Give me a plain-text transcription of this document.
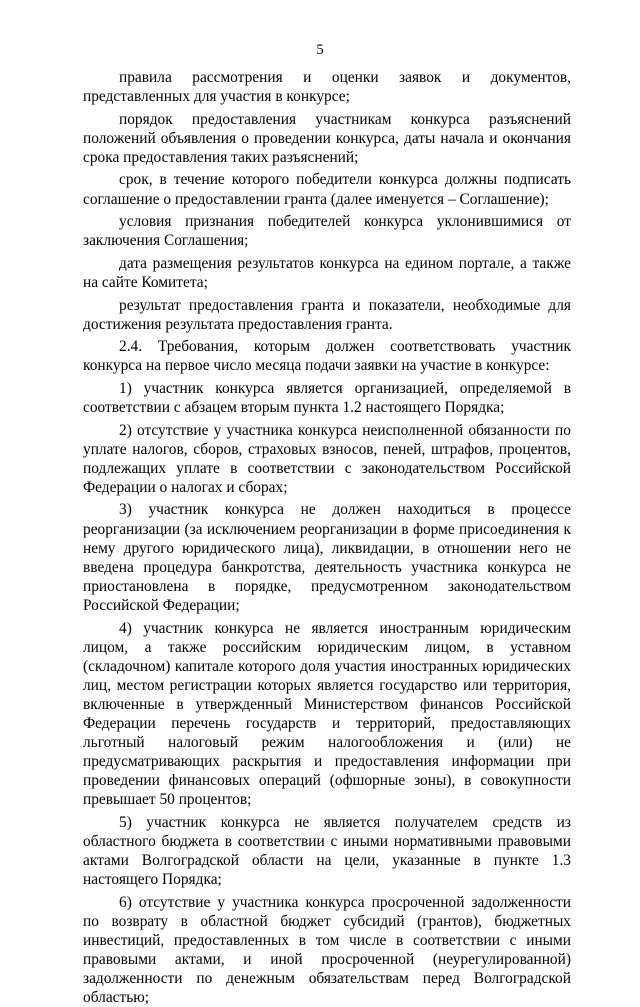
5

правила рассмотрения и оценки заявок и документов, представленных для участия в конкурсе;

порядок предоставления участникам конкурса разъяснений положений объявления о проведении конкурса, даты начала и окончания срока предоставления таких разъяснений;

срок, в течение которого победители конкурса должны подписать соглашение о предоставлении гранта (далее именуется – Соглашение);

условия признания победителей конкурса уклонившимися от заключения Соглашения;

дата размещения результатов конкурса на едином портале, а также на сайте Комитета;

результат предоставления гранта и показатели, необходимые для достижения результата предоставления гранта.

2.4. Требования, которым должен соответствовать участник конкурса на первое число месяца подачи заявки на участие в конкурсе:

1) участник конкурса является организацией, определяемой в соответствии с абзацем вторым пункта 1.2 настоящего Порядка;

2) отсутствие у участника конкурса неисполненной обязанности по уплате налогов, сборов, страховых взносов, пеней, штрафов, процентов, подлежащих уплате в соответствии с законодательством Российской Федерации о налогах и сборах;

3) участник конкурса не должен находиться в процессе реорганизации (за исключением реорганизации в форме присоединения к нему другого юридического лица), ликвидации, в отношении него не введена процедура банкротства, деятельность участника конкурса не приостановлена в порядке, предусмотренном законодательством Российской Федерации;

4) участник конкурса не является иностранным юридическим лицом, а также российским юридическим лицом, в уставном (складочном) капитале которого доля участия иностранных юридических лиц, местом регистрации которых является государство или территория, включенные в утвержденный Министерством финансов Российской Федерации перечень государств и территорий, предоставляющих льготный налоговый режим налогообложения и (или) не предусматривающих раскрытия и предоставления информации при проведении финансовых операций (офшорные зоны), в совокупности превышает 50 процентов;

5) участник конкурса не является получателем средств из областного бюджета в соответствии с иными нормативными правовыми актами Волгоградской области на цели, указанные в пункте 1.3 настоящего Порядка;

6) отсутствие у участника конкурса просроченной задолженности по возврату в областной бюджет субсидий (грантов), бюджетных инвестиций, предоставленных в том числе в соответствии с иными правовыми актами, и иной просроченной (неурегулированной) задолженности по денежным обязательствам перед Волгоградской областью;
